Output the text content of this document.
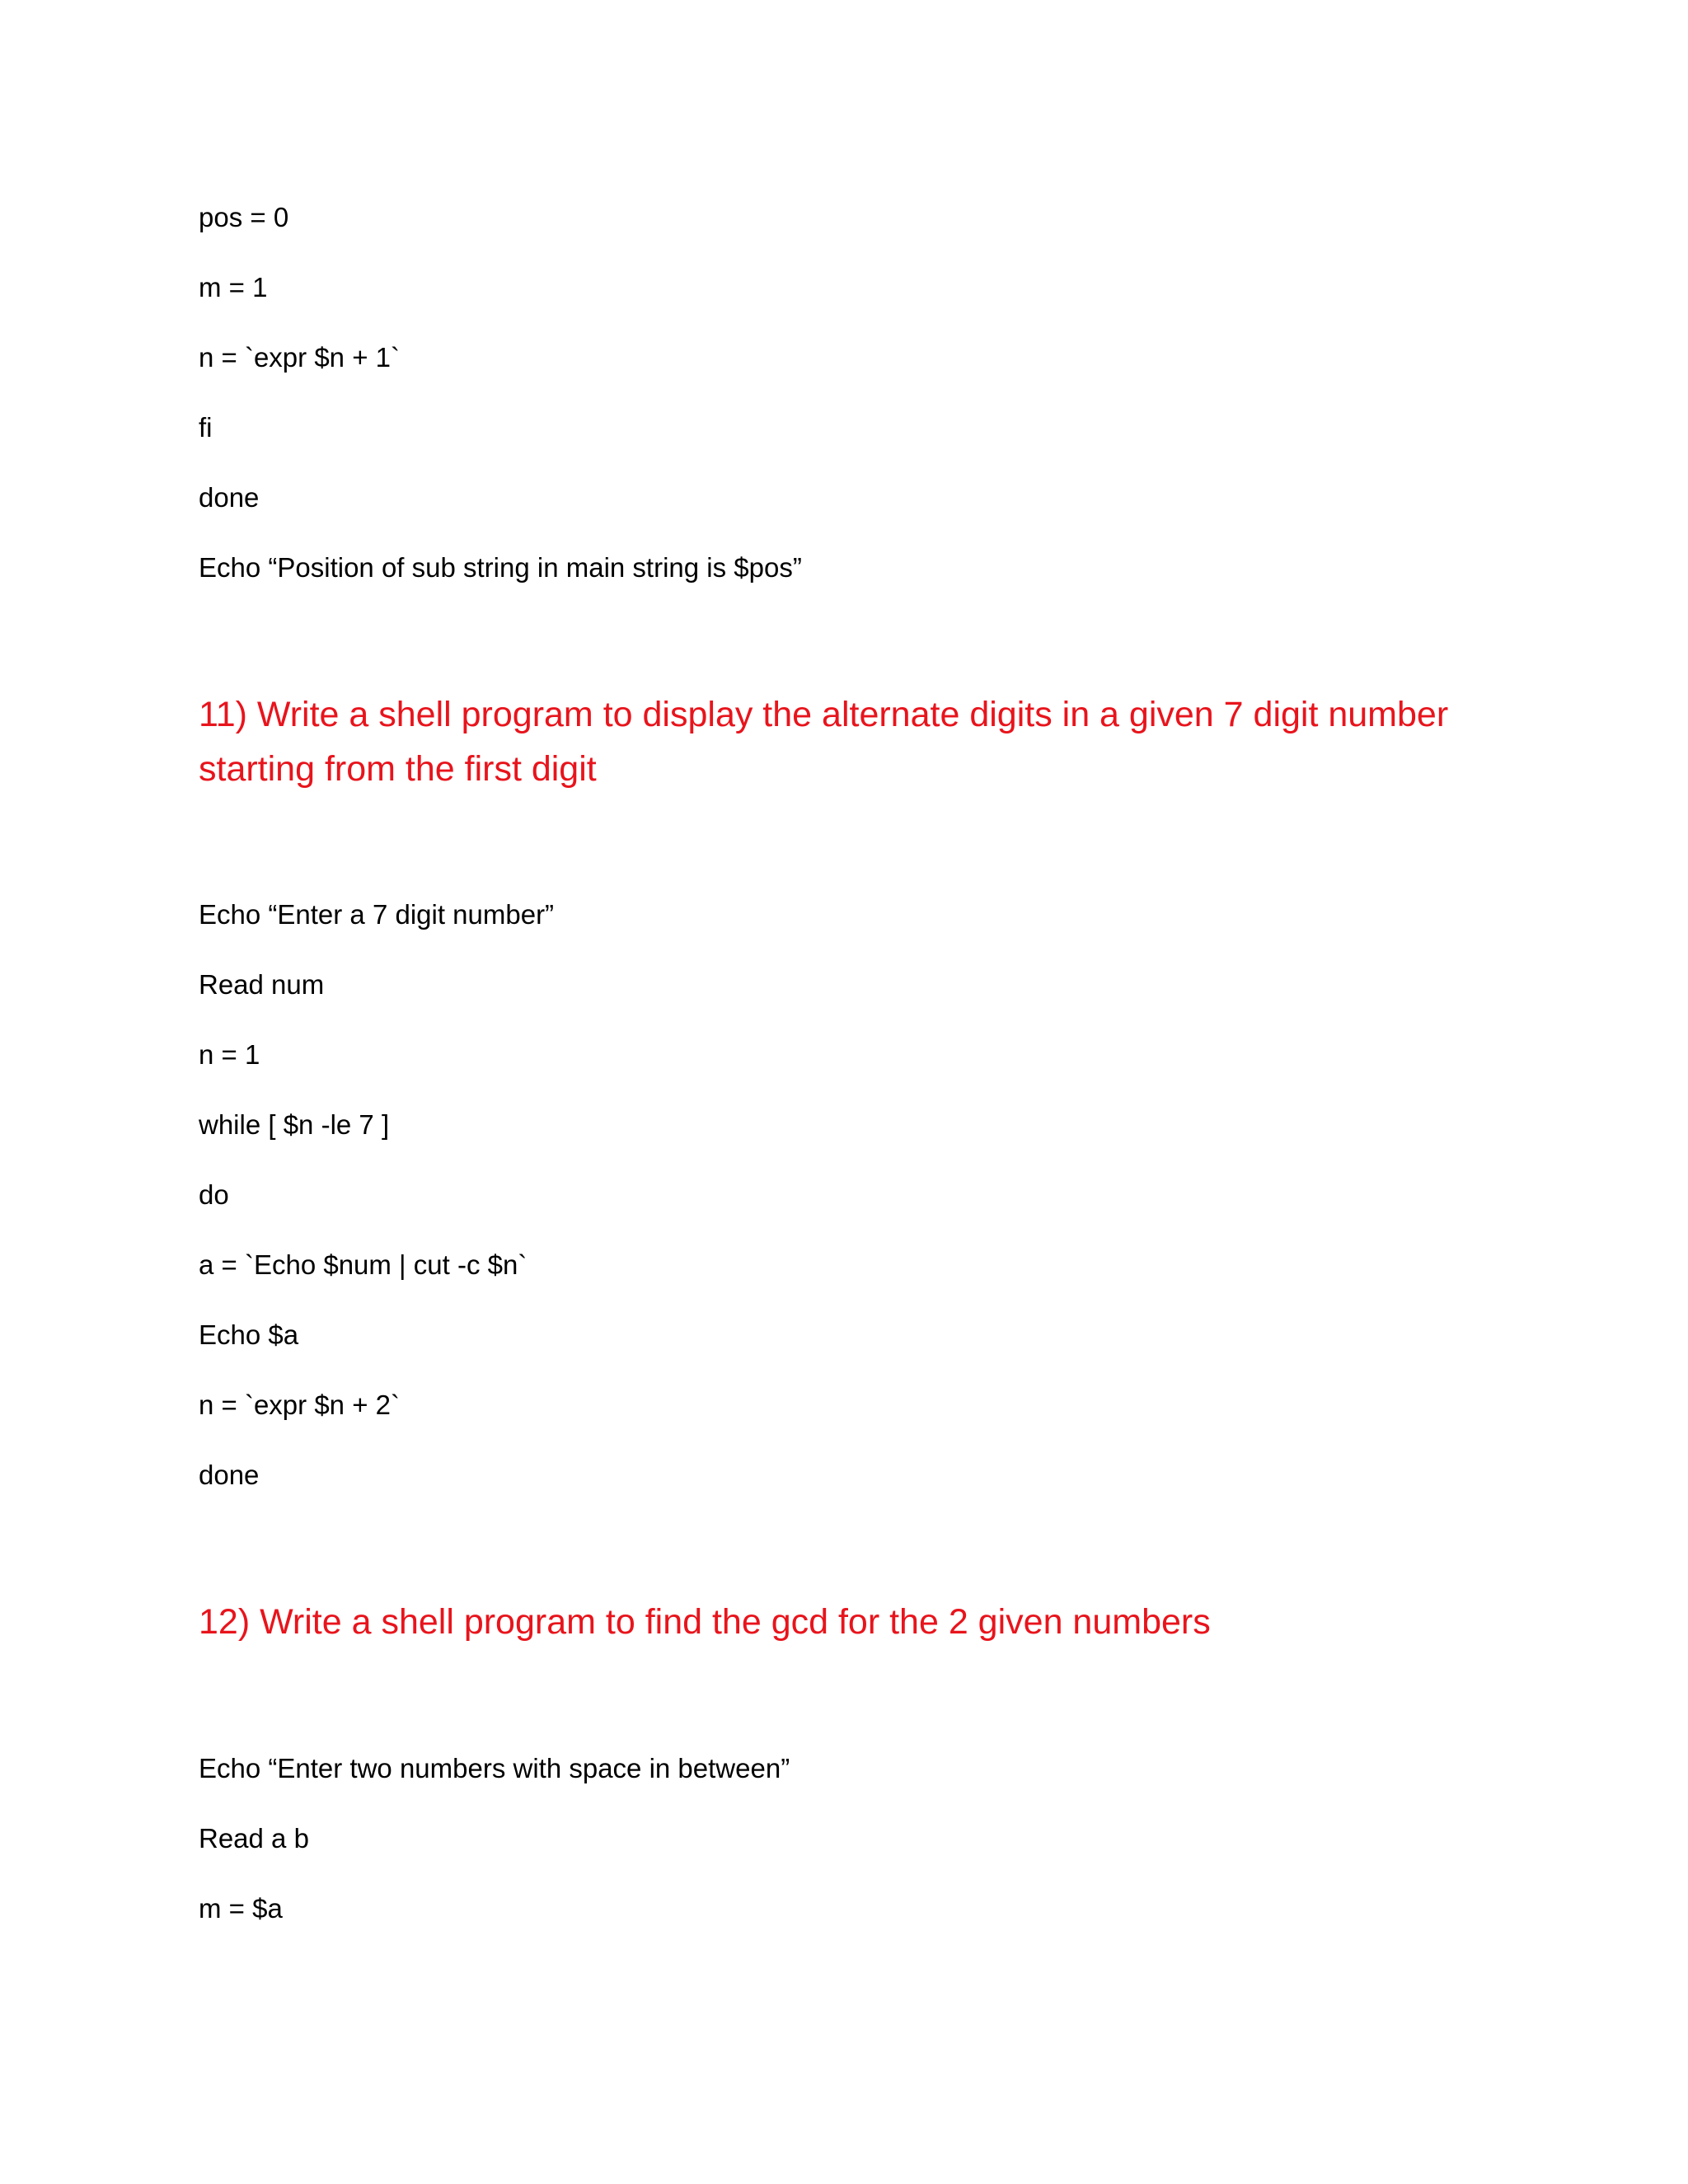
pos = 0
m = 1
n = `expr $n + 1`
fi
done
Echo “Position of sub string in main string is $pos”
11) Write a shell program to display the alternate digits in a given 7 digit number starting from the first digit
Echo “Enter a 7 digit number”
Read num
n = 1
while [ $n -le 7 ]
do
a = `Echo $num | cut -c $n`
Echo $a
n = `expr $n + 2`
done
12) Write a shell program to find the gcd for the 2 given numbers
Echo “Enter two numbers with space in between”
Read a b
m = $a
